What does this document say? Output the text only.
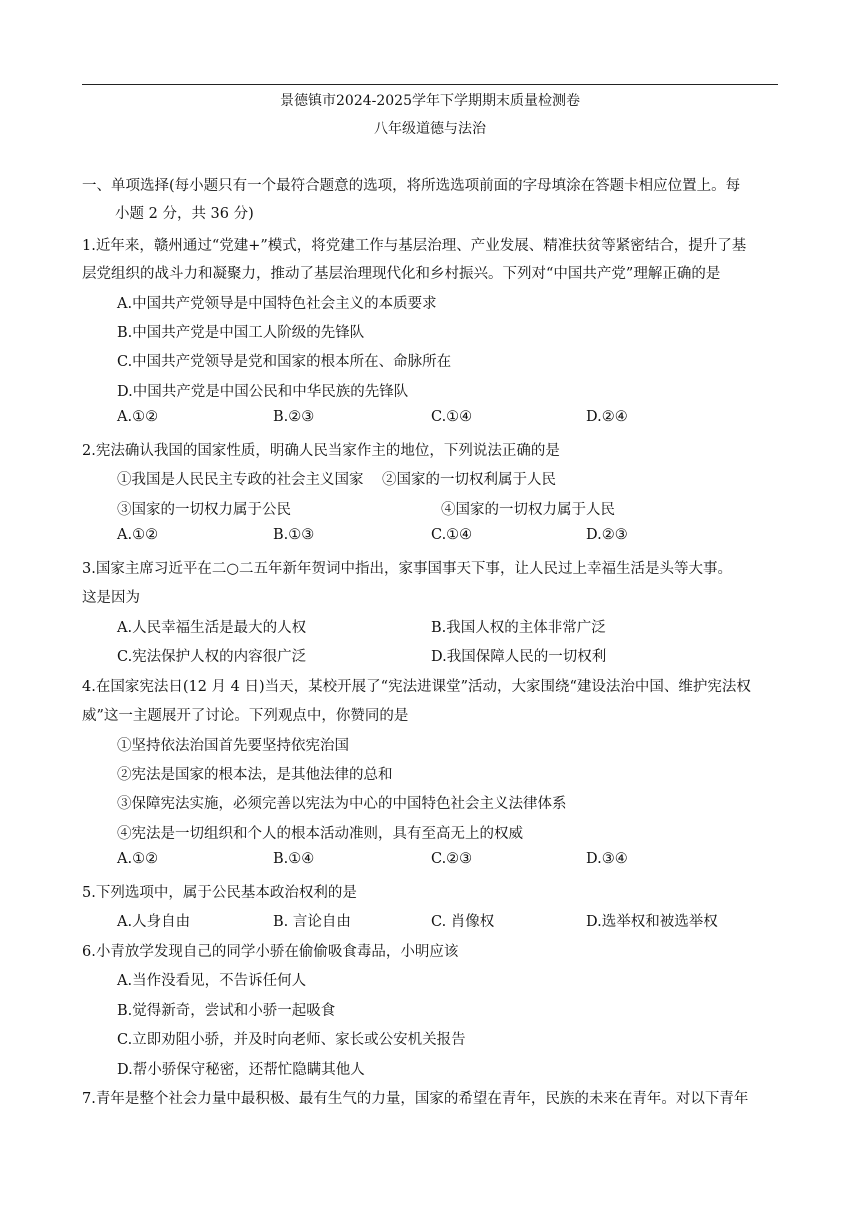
景德镇市2024-2025学年下学期期末质量检测卷
八年级道德与法治
一、单项选择(每小题只有一个最符合题意的选项，将所选选项前面的字母填涂在答题卡相应位置上。每
小题 2 分，共 36 分)
1.近年来，赣州通过“党建+”模式，将党建工作与基层治理、产业发展、精准扶贫等紧密结合，提升了基
层党组织的战斗力和凝聚力，推动了基层治理现代化和乡村振兴。下列对“中国共产党”理解正确的是
A.中国共产党领导是中国特色社会主义的本质要求
B.中国共产党是中国工人阶级的先锋队
C.中国共产党领导是党和国家的根本所在、命脉所在
D.中国共产党是中国公民和中华民族的先锋队
A.①②	B.②③	C.①④	D.②④
2.宪法确认我国的国家性质，明确人民当家作主的地位，下列说法正确的是
①我国是人民民主专政的社会主义国家 ②国家的一切权利属于人民
③国家的一切权力属于公民	④国家的一切权力属于人民
A.①②	B.①③	C.①④	D.②③
3.国家主席习近平在二○二五年新年贺词中指出，家事国事天下事，让人民过上幸福生活是头等大事。
这是因为
A.人民幸福生活是最大的人权	B.我国人权的主体非常广泛
C.宪法保护人权的内容很广泛	D.我国保障人民的一切权利
4.在国家宪法日(12 月 4 日)当天，某校开展了“宪法进课堂”活动，大家围绕“建设法治中国、维护宪法权
威”这一主题展开了讨论。下列观点中，你赞同的是
①坚持依法治国首先要坚持依宪治国
②宪法是国家的根本法，是其他法律的总和
③保障宪法实施，必须完善以宪法为中心的中国特色社会主义法律体系
④宪法是一切组织和个人的根本活动准则，具有至高无上的权威
A.①②	B.①④	C.②③	D.③④
5.下列选项中，属于公民基本政治权利的是
A.人身自由	B. 言论自由	C. 肖像权	D.选举权和被选举权
6.小青放学发现自己的同学小骄在偷偷吸食毒品，小明应该
A.当作没看见，不告诉任何人
B.觉得新奇，尝试和小骄一起吸食
C.立即劝阻小骄，并及时向老师、家长或公安机关报告
D.帮小骄保守秘密，还帮忙隐瞒其他人
7.青年是整个社会力量中最积极、最有生气的力量，国家的希望在青年，民族的未来在青年。对以下青年
